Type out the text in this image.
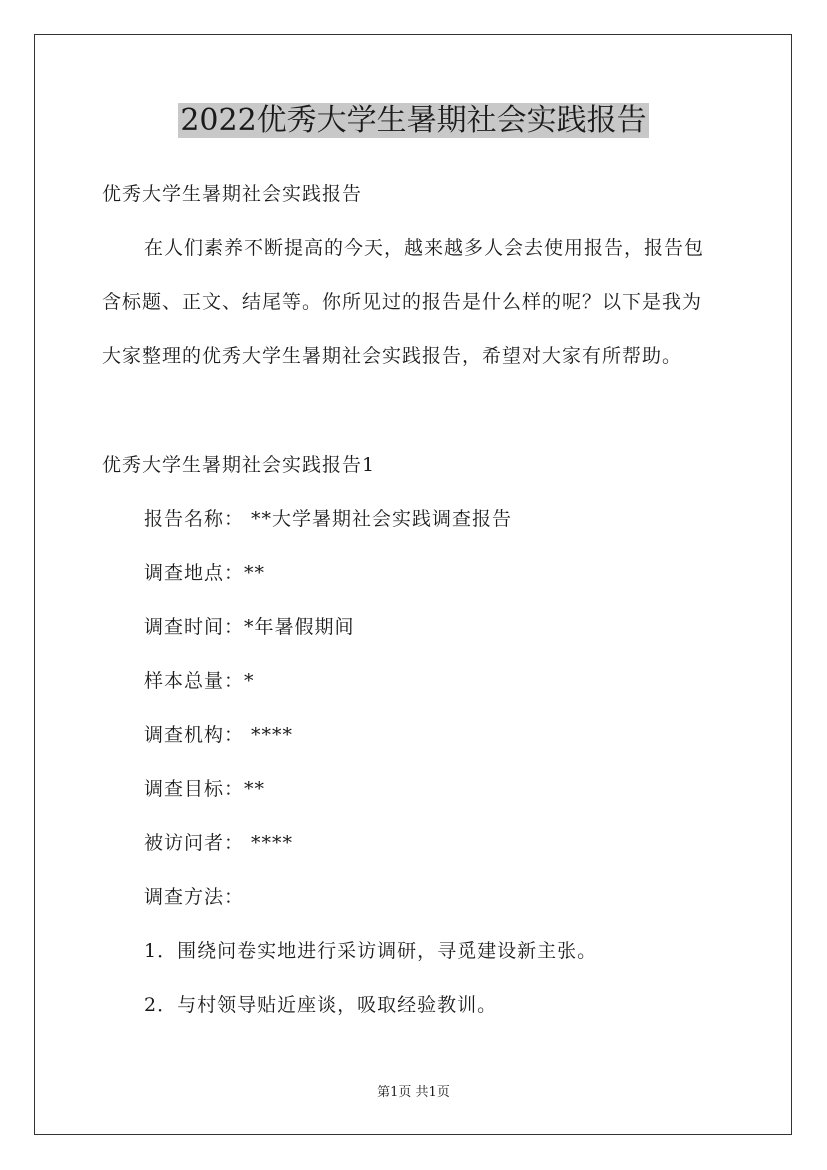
2022优秀大学生暑期社会实践报告
优秀大学生暑期社会实践报告
在人们素养不断提高的今天，越来越多人会去使用报告，报告包
含标题、正文、结尾等。你所见过的报告是什么样的呢？以下是我为
大家整理的优秀大学生暑期社会实践报告，希望对大家有所帮助。
优秀大学生暑期社会实践报告1
报告名称： **大学暑期社会实践调查报告
调查地点：**
调查时间：*年暑假期间
样本总量：*
调查机构： ****
调查目标：**
被访问者： ****
调查方法：
1．围绕问卷实地进行采访调研，寻觅建设新主张。
2．与村领导贴近座谈，吸取经验教训。
第1页 共1页
